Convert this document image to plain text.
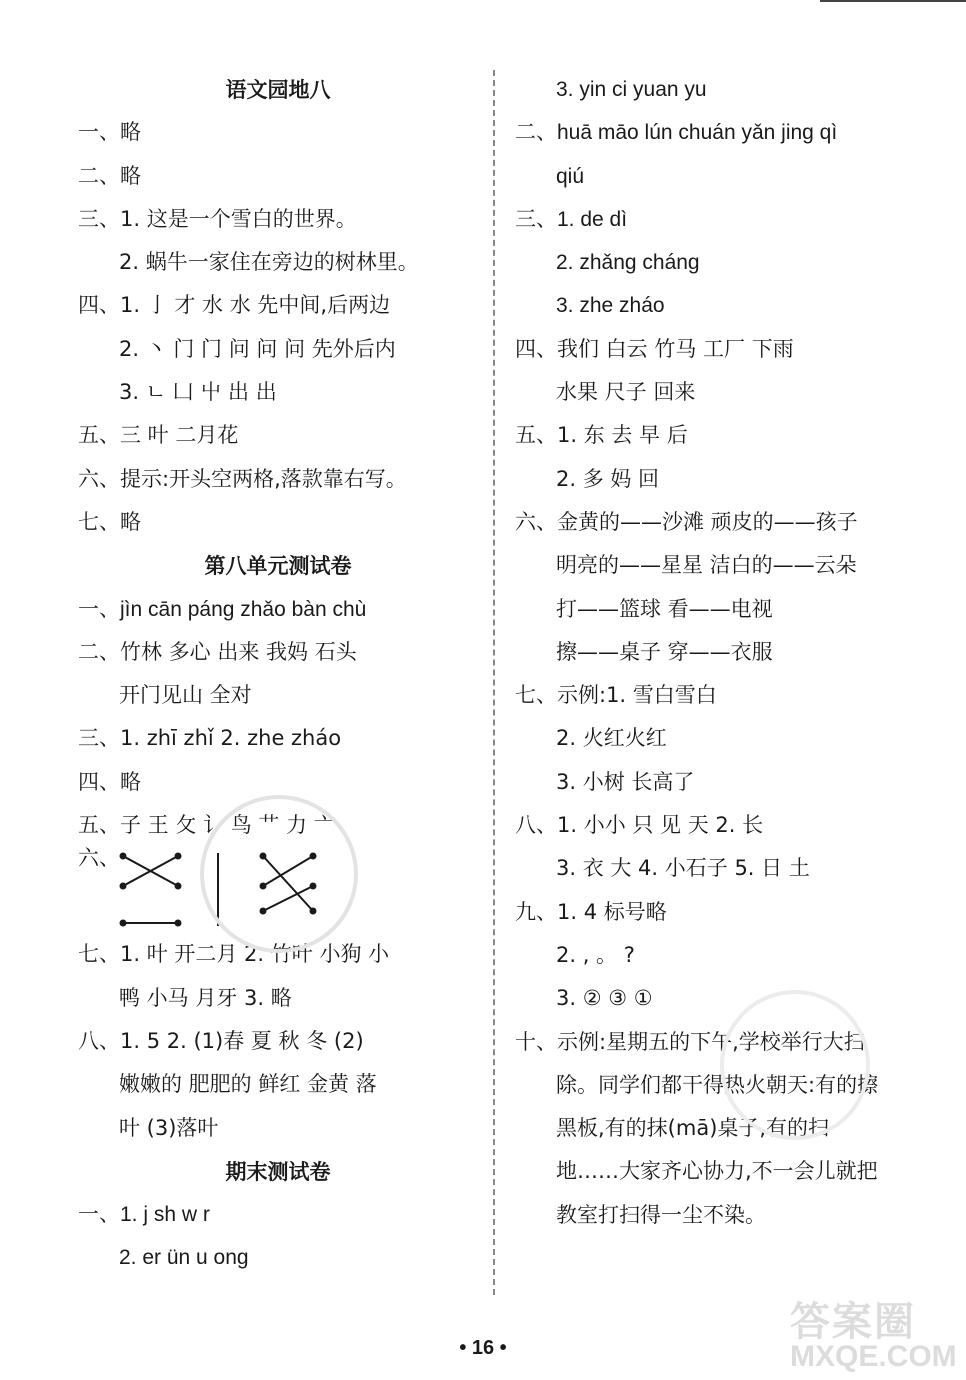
语文园地八
一、略
二、略
三、1. 这是一个雪白的世界。
2. 蜗牛一家住在旁边的树林里。
四、1. 亅 才 水 水 先中间,后两边
2. 丶 门 门 问 问 问 先外后内
3. ㄴ 凵 屮 出 出
五、三 叶 二月花
六、提示:开头空两格,落款靠右写。
七、略
第八单元测试卷
一、jìn cān páng zhǎo bàn chù
二、竹林 多心 出来 我妈 石头
开门见山 全对
三、1. zhī zhǐ 2. zhe zháo
四、略
五、子 王 攵 讠 鸟 艹 力 亠
六、
七、1. 叶 开二月 2. 竹叶 小狗 小
鸭 小马 月牙 3. 略
八、1. 5 2. (1)春 夏 秋 冬 (2)
嫩嫩的 肥肥的 鲜红 金黄 落
叶 (3)落叶
期末测试卷
一、1. j sh w r
2. er ün u ong
3. yin ci yuan yu
二、huā māo lún chuán yǎn jing qì
qiú
三、1. de dì
2. zhǎng cháng
3. zhe zháo
四、我们 白云 竹马 工厂 下雨
水果 尺子 回来
五、1. 东 去 早 后
2. 多 妈 回
六、金黄的——沙滩 顽皮的——孩子
明亮的——星星 洁白的——云朵
打——篮球 看——电视
擦——桌子 穿——衣服
七、示例:1. 雪白雪白
2. 火红火红
3. 小树 长高了
八、1. 小小 只 见 天 2. 长
3. 衣 大 4. 小石子 5. 日 土
九、1. 4 标号略
2. , 。 ?
3. ② ③ ①
十、示例:星期五的下午,学校举行大扫
除。同学们都干得热火朝天:有的擦
黑板,有的抹(mā)桌子,有的扫
地……大家齐心协力,不一会儿就把
教室打扫得一尘不染。
答案圈
MXQE.COM
• 16 •
